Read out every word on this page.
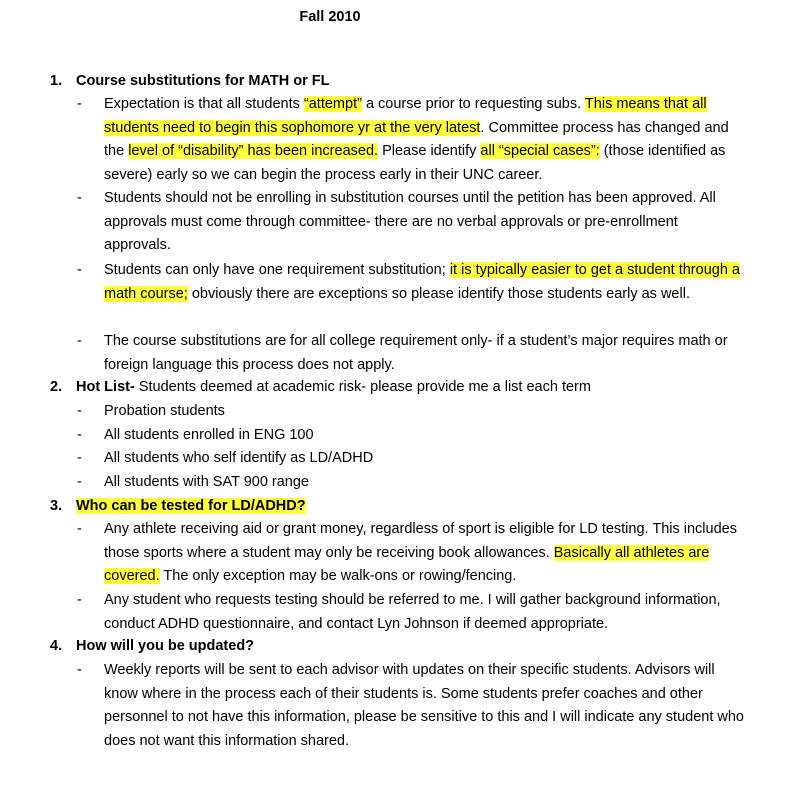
Fall 2010
1. Course substitutions for MATH or FL
- Expectation is that all students “attempt” a course prior to requesting subs. This means that all students need to begin this sophomore yr at the very latest. Committee process has changed and the level of “disability” has been increased. Please identify all “special cases”: (those identified as severe) early so we can begin the process early in their UNC career.
- Students should not be enrolling in substitution courses until the petition has been approved. All approvals must come through committee- there are no verbal approvals or pre-enrollment approvals.
- Students can only have one requirement substitution; it is typically easier to get a student through a math course; obviously there are exceptions so please identify those students early as well.
- The course substitutions are for all college requirement only- if a student’s major requires math or foreign language this process does not apply.
2. Hot List- Students deemed at academic risk- please provide me a list each term
- Probation students
- All students enrolled in ENG 100
- All students who self identify as LD/ADHD
- All students with SAT 900 range
3. Who can be tested for LD/ADHD?
- Any athlete receiving aid or grant money, regardless of sport is eligible for LD testing. This includes those sports where a student may only be receiving book allowances. Basically all athletes are covered. The only exception may be walk-ons or rowing/fencing.
- Any student who requests testing should be referred to me. I will gather background information, conduct ADHD questionnaire, and contact Lyn Johnson if deemed appropriate.
4. How will you be updated?
- Weekly reports will be sent to each advisor with updates on their specific students. Advisors will know where in the process each of their students is. Some students prefer coaches and other personnel to not have this information, please be sensitive to this and I will indicate any student who does not want this information shared.
